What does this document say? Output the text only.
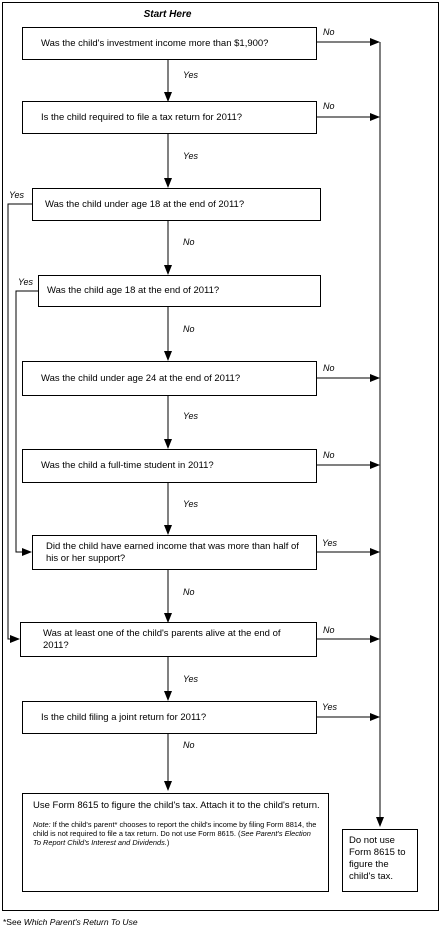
Start Here
Was the child's investment income more than $1,900?
Is the child required to file a tax return for 2011?
Was the child under age 18 at the end of 2011?
Was the child age 18 at the end of 2011?
Was the child under age 24 at the end of 2011?
Was the child a full-time student in 2011?
Did the child have earned income that was more than half of his or her support?
Was at least one of the child's parents alive at the end of 2011?
Is the child filing a joint return for 2011?
No
No
No
No
Yes
No
Yes
Yes
Yes
No
No
Yes
Yes
No
Yes
No
Yes
Yes

Use Form 8615 to figure the child's tax. Attach it to the child's return.

Note: If the child's parent* chooses to report the child's income by filing Form 8814, the child is not required to file a tax return. Do not use Form 8615. (See Parent's Election To Report Child's Interest and Dividends.)	Do not use Form 8615 to figure the child's tax.
*See Which Parent's Return To Use
